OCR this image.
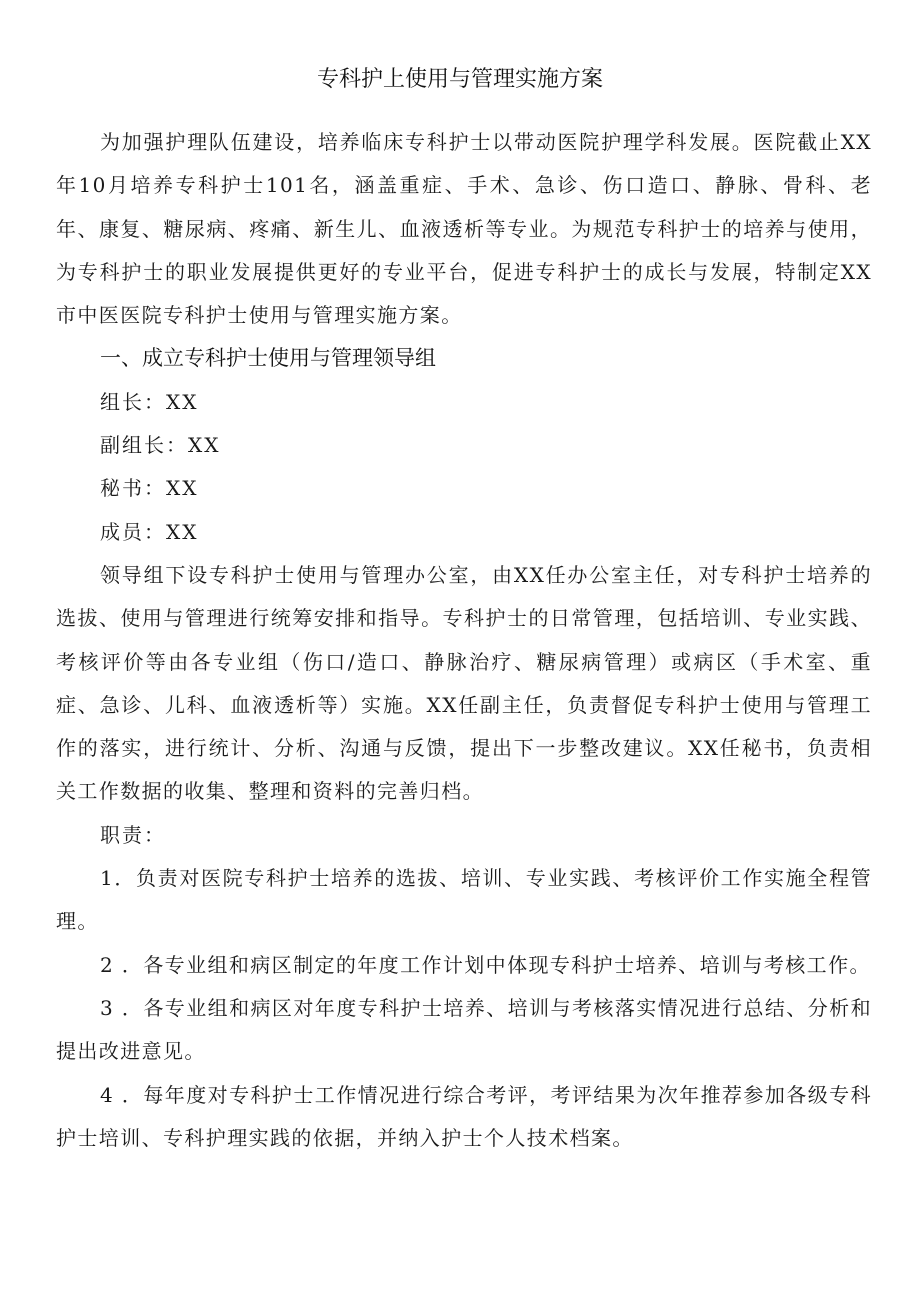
专科护上使用与管理实施方案

为加强护理队伍建设，培养临床专科护士以带动医院护理学科发展。医院截止XX年10月培养专科护士101名，涵盖重症、手术、急诊、伤口造口、静脉、骨科、老年、康复、糖尿病、疼痛、新生儿、血液透析等专业。为规范专科护士的培养与使用，为专科护士的职业发展提供更好的专业平台，促进专科护士的成长与发展，特制定XX市中医医院专科护士使用与管理实施方案。

一、成立专科护士使用与管理领导组

组长：XX

副组长：XX

秘书：XX

成员：XX

领导组下设专科护士使用与管理办公室，由XX任办公室主任，对专科护士培养的选拔、使用与管理进行统筹安排和指导。专科护士的日常管理，包括培训、专业实践、考核评价等由各专业组（伤口/造口、静脉治疗、糖尿病管理）或病区（手术室、重症、急诊、儿科、血液透析等）实施。XX任副主任，负责督促专科护士使用与管理工作的落实，进行统计、分析、沟通与反馈，提出下一步整改建议。XX任秘书，负责相关工作数据的收集、整理和资料的完善归档。

职责：

1．负责对医院专科护士培养的选拔、培训、专业实践、考核评价工作实施全程管理。

2 ．各专业组和病区制定的年度工作计划中体现专科护士培养、培训与考核工作。

3 ．各专业组和病区对年度专科护士培养、培训与考核落实情况进行总结、分析和提出改进意见。

4 ．每年度对专科护士工作情况进行综合考评，考评结果为次年推荐参加各级专科护士培训、专科护理实践的依据，并纳入护士个人技术档案。
